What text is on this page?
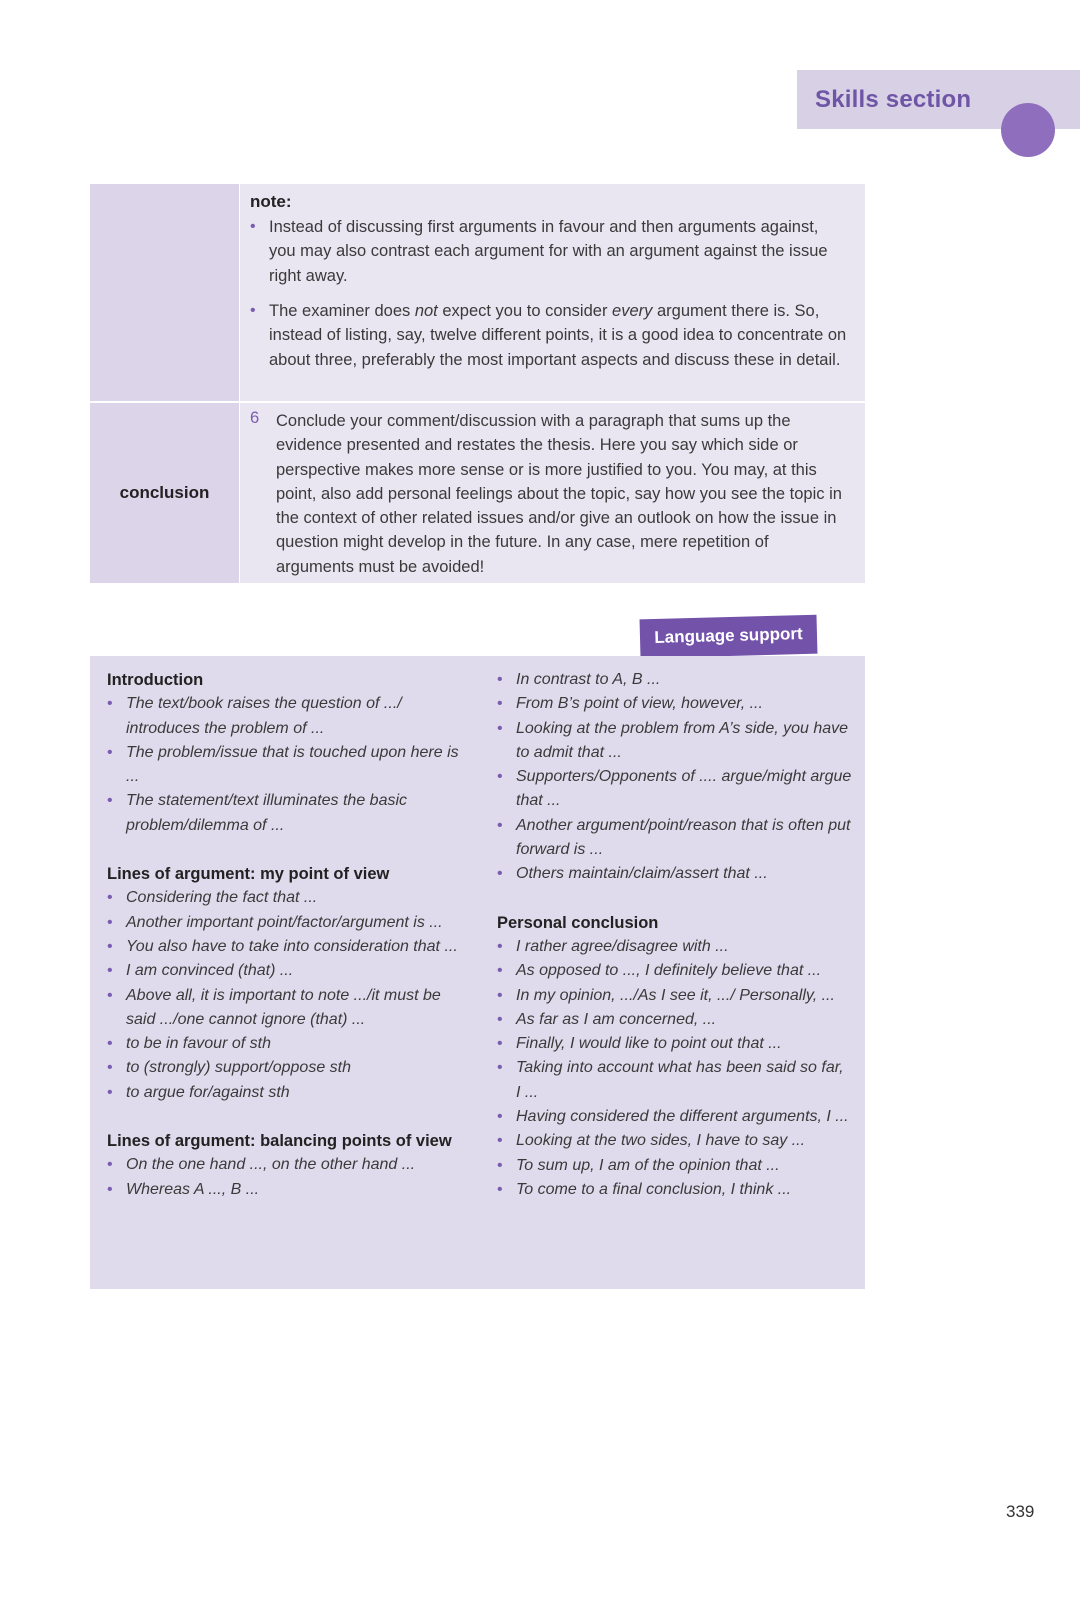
Skills section
note:
• Instead of discussing first arguments in favour and then arguments against, you may also contrast each argument for with an argument against the issue right away.
• The examiner does not expect you to consider every argument there is. So, instead of listing, say, twelve different points, it is a good idea to concentrate on about three, preferably the most important aspects and discuss these in detail.
conclusion
6 Conclude your comment/discussion with a paragraph that sums up the evidence presented and restates the thesis. Here you say which side or perspective makes more sense or is more justified to you. You may, at this point, also add personal feelings about the topic, say how you see the topic in the context of other related issues and/or give an outlook on how the issue in question might develop in the future. In any case, mere repetition of arguments must be avoided!
Language support
Introduction
• The text/book raises the question of .../ introduces the problem of ...
• The problem/issue that is touched upon here is ...
• The statement/text illuminates the basic problem/dilemma of ...
Lines of argument: my point of view
• Considering the fact that ...
• Another important point/factor/argument is ...
• You also have to take into consideration that ...
• I am convinced (that) ...
• Above all, it is important to note .../it must be said .../one cannot ignore (that) ...
• to be in favour of sth
• to (strongly) support/oppose sth
• to argue for/against sth
Lines of argument: balancing points of view
• On the one hand ..., on the other hand ...
• Whereas A ..., B ...
• In contrast to A, B ...
• From B’s point of view, however, ...
• Looking at the problem from A’s side, you have to admit that ...
• Supporters/Opponents of .... argue/might argue that ...
• Another argument/point/reason that is often put forward is ...
• Others maintain/claim/assert that ...
Personal conclusion
• I rather agree/disagree with ...
• As opposed to ..., I definitely believe that ...
• In my opinion, .../As I see it, .../ Personally, ...
• As far as I am concerned, ...
• Finally, I would like to point out that ...
• Taking into account what has been said so far, I ...
• Having considered the different arguments, I ...
• Looking at the two sides, I have to say ...
• To sum up, I am of the opinion that ...
• To come to a final conclusion, I think ...
339
